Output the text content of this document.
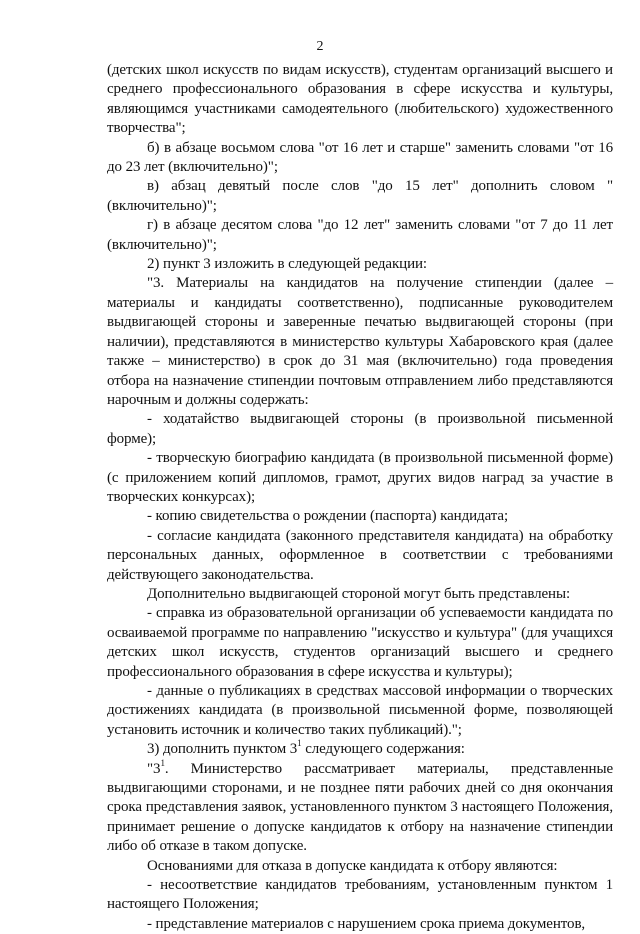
2

(детских школ искусств по видам искусств), студентам организаций высшего и среднего профессионального образования в сфере искусства и культуры, являющимся участниками самодеятельного (любительского) художественного творчества";

б) в абзаце восьмом слова "от 16 лет и старше" заменить словами "от 16 до 23 лет (включительно)";

в) абзац девятый после слов "до 15 лет" дополнить словом "(включительно)";

г) в абзаце десятом слова "до 12 лет" заменить словами "от 7 до 11 лет (включительно)";

2) пункт 3 изложить в следующей редакции:

"3. Материалы на кандидатов на получение стипендии (далее – материалы и кандидаты соответственно), подписанные руководителем выдвигающей стороны и заверенные печатью выдвигающей стороны (при наличии), представляются в министерство культуры Хабаровского края (далее также – министерство) в срок до 31 мая (включительно) года проведения отбора на назначение стипендии почтовым отправлением либо представляются нарочным и должны содержать:

- ходатайство выдвигающей стороны (в произвольной письменной форме);

- творческую биографию кандидата (в произвольной письменной форме) (с приложением копий дипломов, грамот, других видов наград за участие в творческих конкурсах);

- копию свидетельства о рождении (паспорта) кандидата;

- согласие кандидата (законного представителя кандидата) на обработку персональных данных, оформленное в соответствии с требованиями действующего законодательства.

Дополнительно выдвигающей стороной могут быть представлены:

- справка из образовательной организации об успеваемости кандидата по осваиваемой программе по направлению "искусство и культура" (для учащихся детских школ искусств, студентов организаций высшего и среднего профессионального образования в сфере искусства и культуры);

- данные о публикациях в средствах массовой информации о творческих достижениях кандидата (в произвольной письменной форме, позволяющей установить источник и количество таких публикаций).";

3) дополнить пунктом $3^1$ следующего содержания:

"$3^1$. Министерство рассматривает материалы, представленные выдвигающими сторонами, и не позднее пяти рабочих дней со дня окончания срока представления заявок, установленного пунктом 3 настоящего Положения, принимает решение о допуске кандидатов к отбору на назначение стипендии либо об отказе в таком допуске.

Основаниями для отказа в допуске кандидата к отбору являются:

- несоответствие кандидатов требованиям, установленным пунктом 1 настоящего Положения;

- представление материалов с нарушением срока приема документов,
